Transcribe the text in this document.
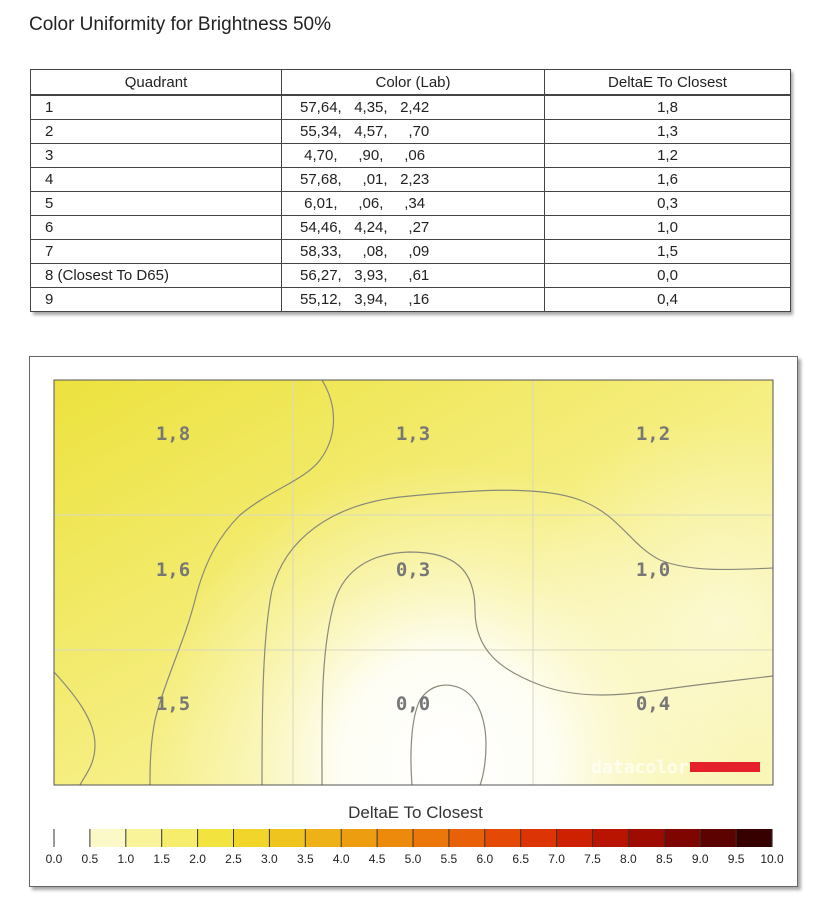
Color Uniformity for Brightness 50%
Quadrant	Color (Lab)	DeltaE To Closest
1	57,64,   4,35,   2,42	1,8
2	55,34,   4,57,     ,70	1,3
3	4,70,     ,90,     ,06	1,2
4	57,68,     ,01,   2,23	1,6
5	6,01,     ,06,     ,34	0,3
6	54,46,   4,24,     ,27	1,0
7	58,33,     ,08,     ,09	1,5
8 (Closest To D65)	56,27,   3,93,     ,61	0,0
9	55,12,   3,94,     ,16	0,4
1,8	1,3	1,2
1,6	0,3	1,0
1,5	0,0	0,4
datacolor
DeltaE To Closest
0.0 0.5 1.0 1.5 2.0 2.5 3.0 3.5 4.0 4.5 5.0 5.5 6.0 6.5 7.0 7.5 8.0 8.5 9.0 9.5 10.0
